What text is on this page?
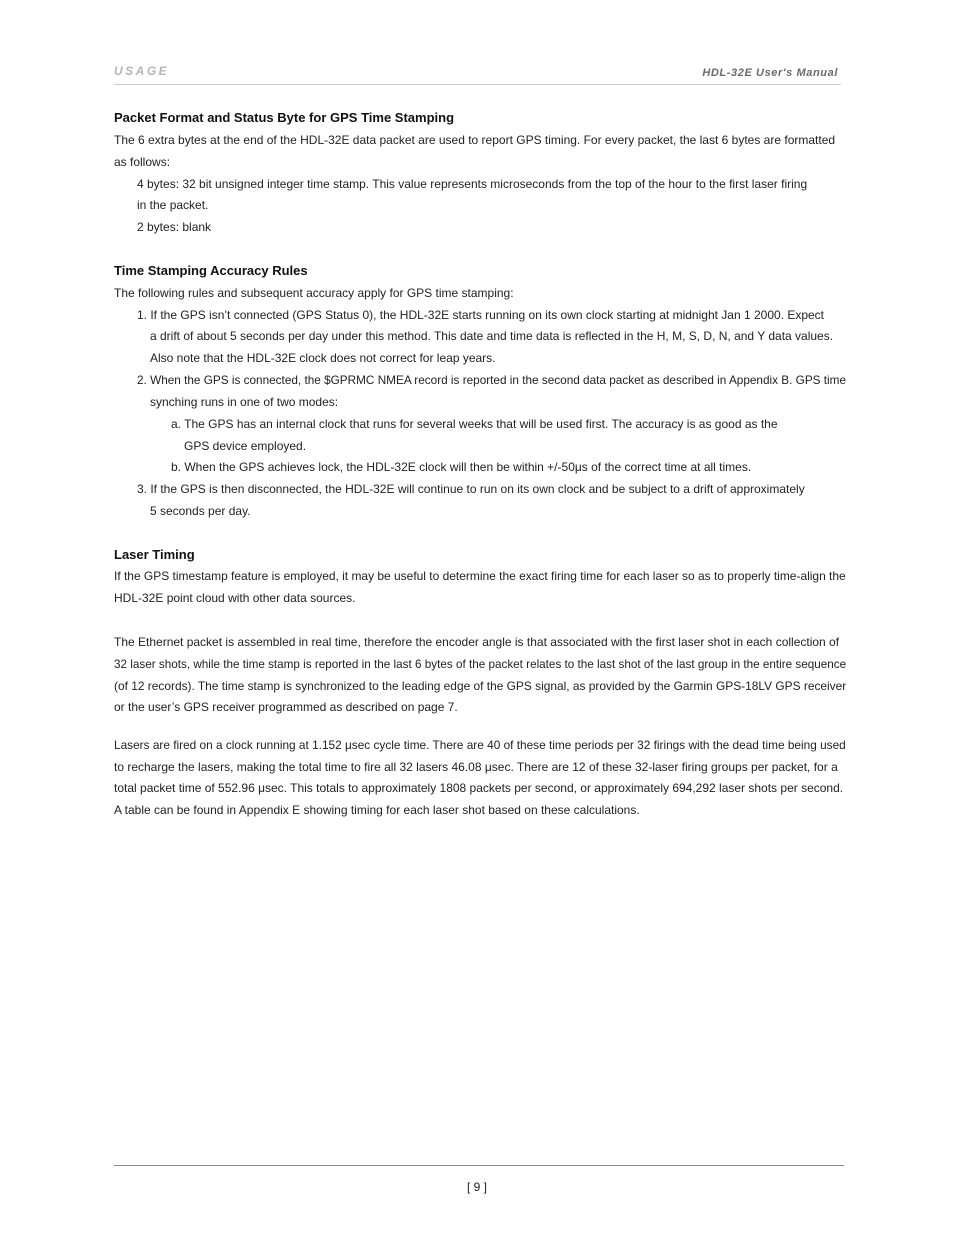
USAGE	HDL-32E User's Manual
Packet Format and Status Byte for GPS Time Stamping
The 6 extra bytes at the end of the HDL-32E data packet are used to report GPS timing. For every packet, the last 6 bytes are formatted
as follows:
4 bytes: 32 bit unsigned integer time stamp. This value represents microseconds from the top of the hour to the first laser firing
in the packet.
2 bytes: blank
Time Stamping Accuracy Rules
The following rules and subsequent accuracy apply for GPS time stamping:
1. If the GPS isn’t connected (GPS Status 0), the HDL-32E starts running on its own clock starting at midnight Jan 1 2000. Expect
a drift of about 5 seconds per day under this method. This date and time data is reflected in the H, M, S, D, N, and Y data values.
Also note that the HDL-32E clock does not correct for leap years.
2. When the GPS is connected, the $GPRMC NMEA record is reported in the second data packet as described in Appendix B. GPS time
synching runs in one of two modes:
a. The GPS has an internal clock that runs for several weeks that will be used first. The accuracy is as good as the
GPS device employed.
b. When the GPS achieves lock, the HDL-32E clock will then be within +/-50μs of the correct time at all times.
3. If the GPS is then disconnected, the HDL-32E will continue to run on its own clock and be subject to a drift of approximately
5 seconds per day.
Laser Timing
If the GPS timestamp feature is employed, it may be useful to determine the exact firing time for each laser so as to properly time-align the
HDL-32E point cloud with other data sources.
The Ethernet packet is assembled in real time, therefore the encoder angle is that associated with the first laser shot in each collection of
32 laser shots, while the time stamp is reported in the last 6 bytes of the packet relates to the last shot of the last group in the entire sequence
(of 12 records). The time stamp is synchronized to the leading edge of the GPS signal, as provided by the Garmin GPS-18LV GPS receiver
or the user’s GPS receiver programmed as described on page 7.
Lasers are fired on a clock running at 1.152 μsec cycle time. There are 40 of these time periods per 32 firings with the dead time being used
to recharge the lasers, making the total time to fire all 32 lasers 46.08 μsec. There are 12 of these 32-laser firing groups per packet, for a
total packet time of 552.96 μsec. This totals to approximately 1808 packets per second, or approximately 694,292 laser shots per second.
A table can be found in Appendix E showing timing for each laser shot based on these calculations.
[ 9 ]
